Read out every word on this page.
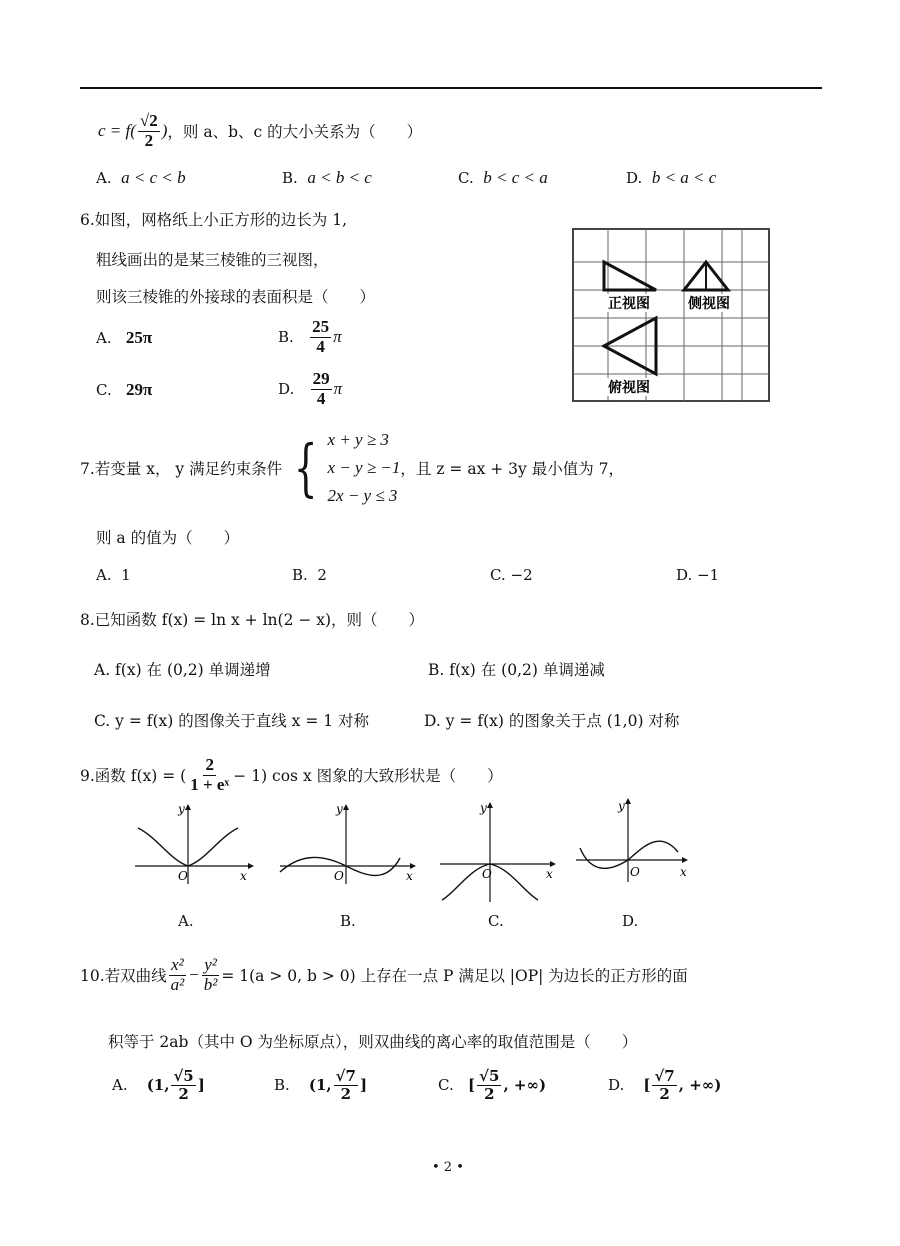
$c = f( \frac{√2}{2}$ ) ，则 a、b、c 的大小关系为（　　）
A. a < c < b	B. a < b < c	C. b < c < a	D. b < a < c
6.如图，网格纸上小正方形的边长为 1,
粗线画出的是某三棱锥的三视图，
则该三棱锥的外接球的表面积是（　　）
A.
25π	B.
$\frac{25}{4}$ π
C.
29π	D.
$\frac{29}{4}$ π
正视图	侧视图
俯视图
7.若变量 x， y 满足约束条件 { x + y ≥ 3
x − y ≥ −1
2x − y ≤ 3
，且 z = ax + 3y 最小值为 7，
则 a 的值为（　　）
A. 1	B. 2	C. −2	D. −1
8.已知函数 f(x) = ln x + ln(2 − x)，则（　　）
A. f(x) 在 (0,2) 单调递增	B. f(x) 在 (0,2) 单调递减
C. y = f(x) 的图像关于直线 x = 1 对称	D. y = f(x) 的图象关于点 (1,0) 对称
9.函数 f(x) = ( $\frac{2}{\text{1 + eˣ}} - 1$) cos x 图象的大致形状是（　　）
y
O	x
y
O	x
y
O	x
y
O	x
A.	B.	C.	D.
10.若双曲线 $\frac{\text{x²}}{\text{a²}} - \frac{\text{y²}}{\text{b²}} = 1(a > 0$, b > 0) 上存在一点 P 满足以 |OP| 为边长的正方形的面
积等于 2ab（其中 O 为坐标原点），则双曲线的离心率的取值范围是（　　）
A.
(1, $\frac{√5}{2}$ ]	B.
(1, $\frac{√7}{2}$ ]	C.
[ $\frac{√5}{2}$ , +∞)	D.
[ $\frac{√7}{2}$ , +∞)
• 2 •
